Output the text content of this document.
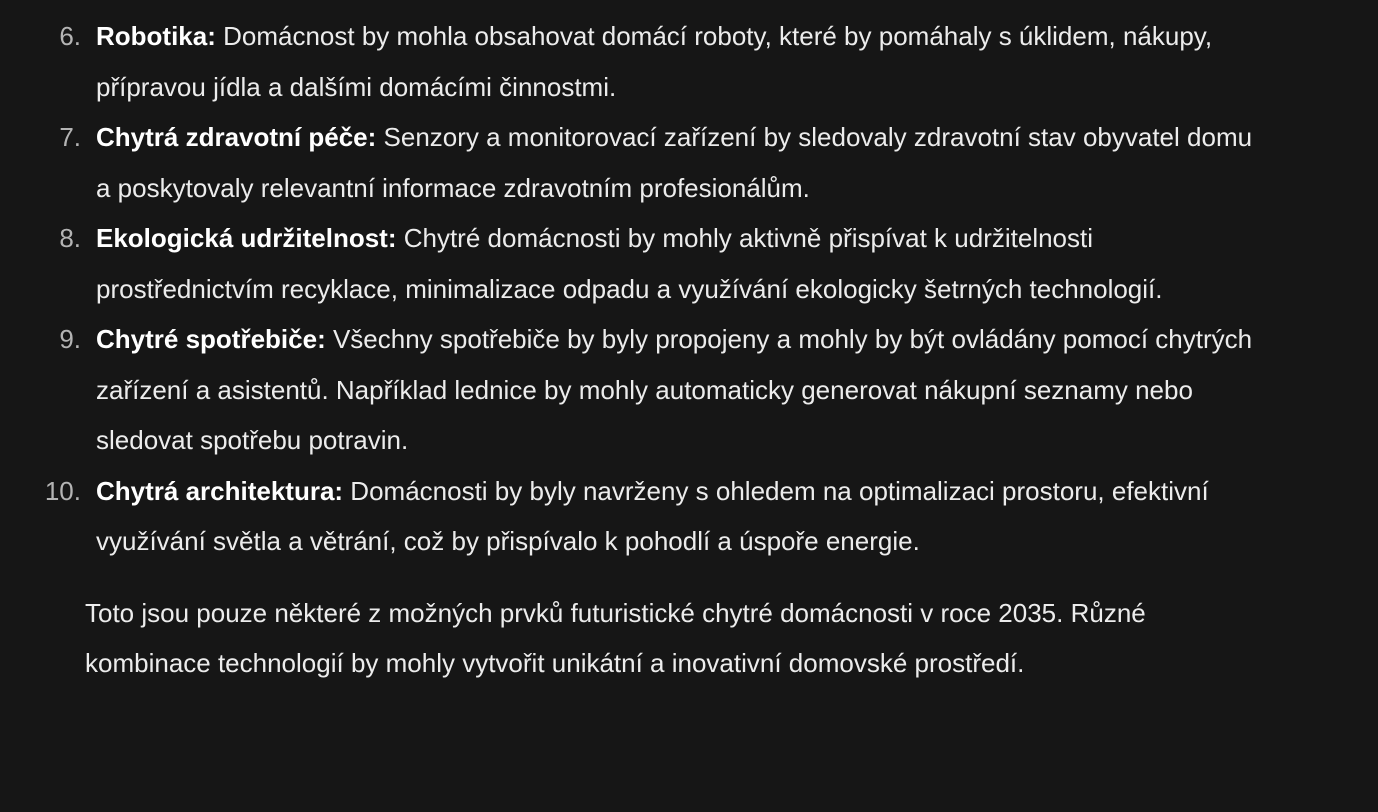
6. Robotika: Domácnost by mohla obsahovat domácí roboty, které by pomáhaly s úklidem, nákupy, přípravou jídla a dalšími domácími činnostmi.
7. Chytrá zdravotní péče: Senzory a monitorovací zařízení by sledovaly zdravotní stav obyvatel domu a poskytovaly relevantní informace zdravotním profesionálům.
8. Ekologická udržitelnost: Chytré domácnosti by mohly aktivně přispívat k udržitelnosti prostřednictvím recyklace, minimalizace odpadu a využívání ekologicky šetrných technologií.
9. Chytré spotřebiče: Všechny spotřebiče by byly propojeny a mohly by být ovládány pomocí chytrých zařízení a asistentů. Například lednice by mohly automaticky generovat nákupní seznamy nebo sledovat spotřebu potravin.
10. Chytrá architektura: Domácnosti by byly navrženy s ohledem na optimalizaci prostoru, efektivní využívání světla a větrání, což by přispívalo k pohodlí a úspoře energie.

Toto jsou pouze některé z možných prvků futuristické chytré domácnosti v roce 2035. Různé kombinace technologií by mohly vytvořit unikátní a inovativní domovské prostředí.
